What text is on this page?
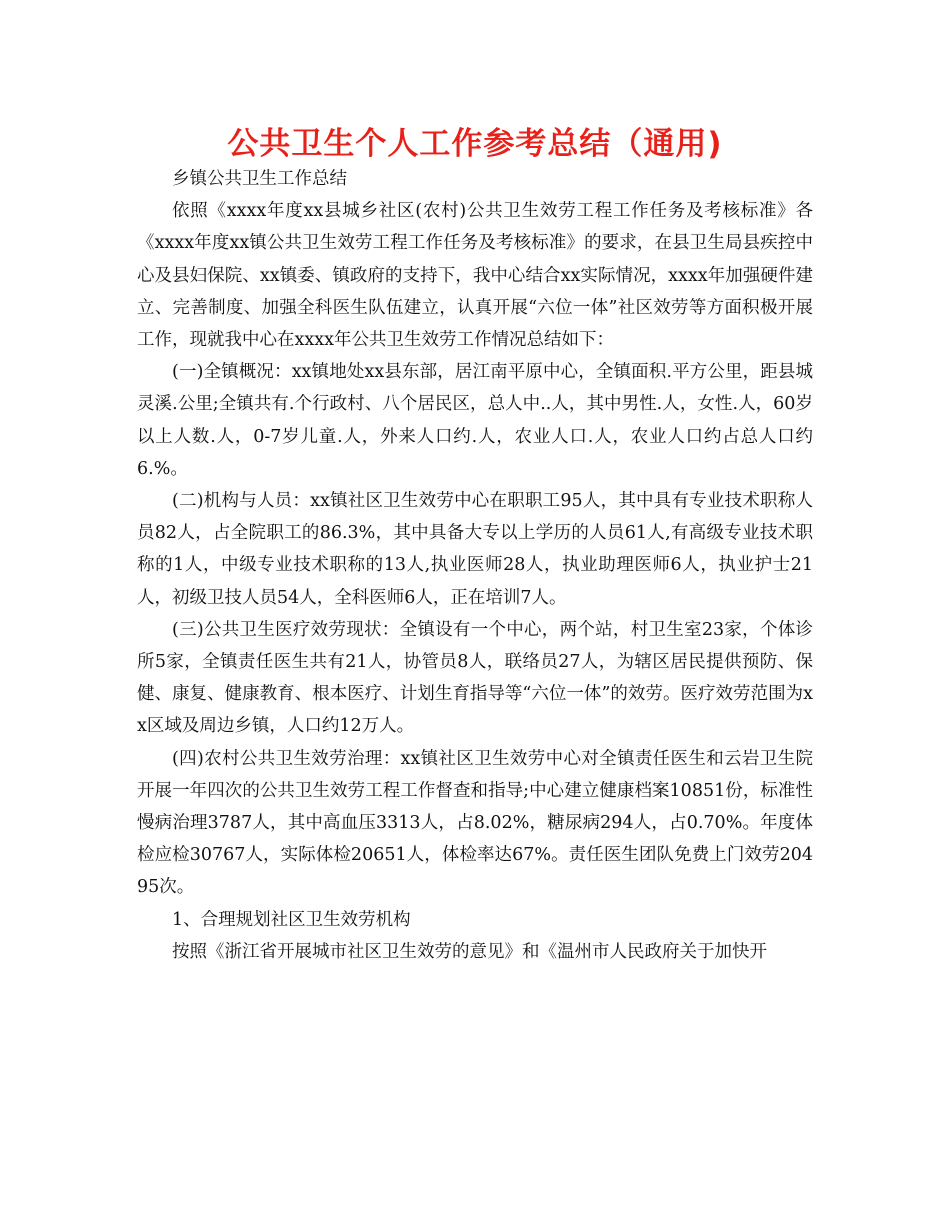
公共卫生个人工作参考总结（通用)

乡镇公共卫生工作总结

依照《xxxx年度xx县城乡社区(农村)公共卫生效劳工程工作任务及考核标准》各《xxxx年度xx镇公共卫生效劳工程工作任务及考核标准》的要求，在县卫生局县疾控中心及县妇保院、xx镇委、镇政府的支持下，我中心结合xx实际情况，xxxx年加强硬件建立、完善制度、加强全科医生队伍建立，认真开展“六位一体”社区效劳等方面积极开展工作，现就我中心在xxxx年公共卫生效劳工作情况总结如下：

(一)全镇概况：xx镇地处xx县东部，居江南平原中心，全镇面积.平方公里，距县城灵溪.公里;全镇共有.个行政村、八个居民区，总人中..人，其中男性.人，女性.人，60岁以上人数.人，0-7岁儿童.人，外来人口约.人，农业人口.人，农业人口约占总人口约6.%。

(二)机构与人员：xx镇社区卫生效劳中心在职职工95人，其中具有专业技术职称人员82人，占全院职工的86.3%，其中具备大专以上学历的人员61人,有高级专业技术职称的1人，中级专业技术职称的13人,执业医师28人，执业助理医师6人，执业护士21人，初级卫技人员54人，全科医师6人，正在培训7人。

(三)公共卫生医疗效劳现状：全镇设有一个中心，两个站，村卫生室23家，个体诊所5家，全镇责任医生共有21人，协管员8人，联络员27人，为辖区居民提供预防、保健、康复、健康教育、根本医疗、计划生育指导等“六位一体”的效劳。医疗效劳范围为xx区域及周边乡镇，人口约12万人。

(四)农村公共卫生效劳治理：xx镇社区卫生效劳中心对全镇责任医生和云岩卫生院开展一年四次的公共卫生效劳工程工作督查和指导;中心建立健康档案10851份，标准性慢病治理3787人，其中高血压3313人，占8.02%，糖尿病294人，占0.70%。年度体检应检30767人，实际体检20651人，体检率达67%。责任医生团队免费上门效劳20495次。

1、合理规划社区卫生效劳机构

按照《浙江省开展城市社区卫生效劳的意见》和《温州市人民政府关于加快开
